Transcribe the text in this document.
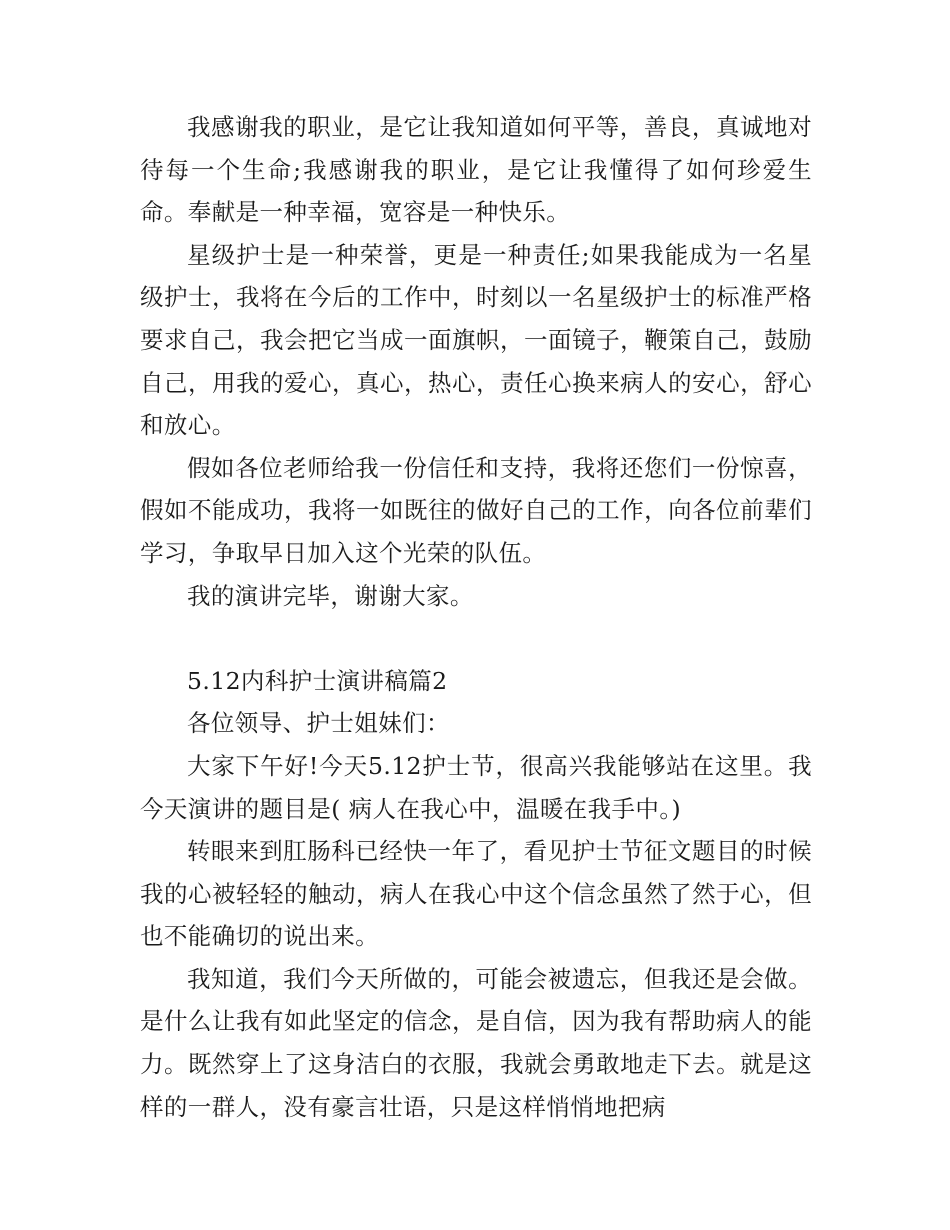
我感谢我的职业，是它让我知道如何平等，善良，真诚地对待每一个生命;我感谢我的职业，是它让我懂得了如何珍爱生命。奉献是一种幸福，宽容是一种快乐。

星级护士是一种荣誉，更是一种责任;如果我能成为一名星级护士，我将在今后的工作中，时刻以一名星级护士的标准严格要求自己，我会把它当成一面旗帜，一面镜子，鞭策自己，鼓励自己，用我的爱心，真心，热心，责任心换来病人的安心，舒心和放心。

假如各位老师给我一份信任和支持，我将还您们一份惊喜，假如不能成功，我将一如既往的做好自己的工作，向各位前辈们学习，争取早日加入这个光荣的队伍。

我的演讲完毕，谢谢大家。

5.12内科护士演讲稿篇2

各位领导、护士姐妹们：

大家下午好!今天5.12护士节，很高兴我能够站在这里。我今天演讲的题目是( 病人在我心中，温暖在我手中。)

转眼来到肛肠科已经快一年了，看见护士节征文题目的时候我的心被轻轻的触动，病人在我心中这个信念虽然了然于心，但也不能确切的说出来。

我知道，我们今天所做的，可能会被遗忘，但我还是会做。是什么让我有如此坚定的信念，是自信，因为我有帮助病人的能力。既然穿上了这身洁白的衣服，我就会勇敢地走下去。就是这样的一群人，没有豪言壮语，只是这样悄悄地把病
